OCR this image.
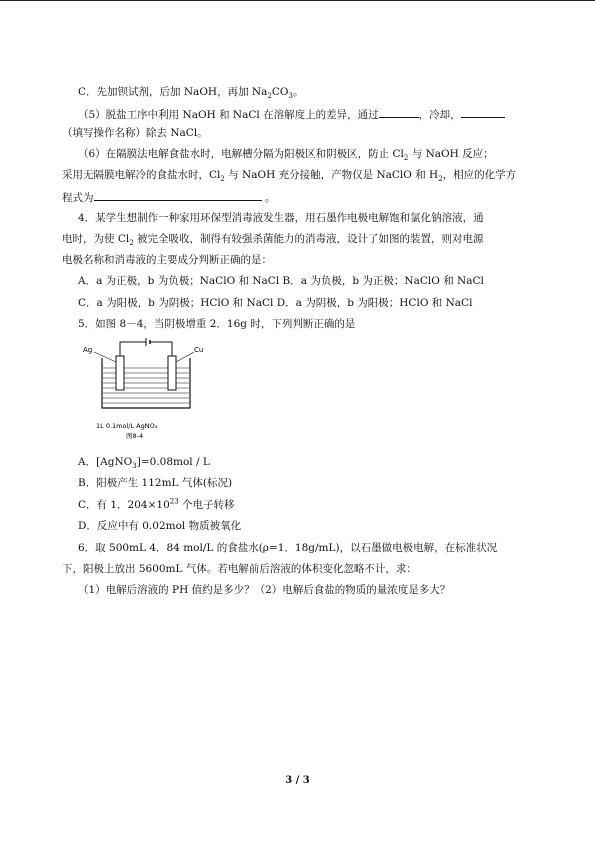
C．先加钡试剂，后加 NaOH，再加 $Na_2CO_3$。
（5）脱盐工序中利用 NaOH 和 NaCl 在溶解度上的差异，通过	，冷却，
（填写操作名称）除去 NaCl。
（6）在隔膜法电解食盐水时，电解槽分隔为阳极区和阴极区，防止 $Cl_2$ 与 NaOH 反应；
采用无隔膜电解冷的食盐水时，$Cl_2$ 与 NaOH 充分接触，产物仅是 NaClO 和 $H_2$，相应的化学方
程式为	。
4．某学生想制作一种家用环保型消毒液发生器，用石墨作电极电解饱和氯化钠溶液，通
电时，为使 $Cl_2$ 被完全吸收，制得有较强杀菌能力的消毒液，设计了如图的装置，则对电源
电极名称和消毒液的主要成分判断正确的是：
A．a 为正极，b 为负极；NaClO 和 NaCl B．a 为负极，b 为正极；NaClO 和 NaCl
C．a 为阳极，b 为阴极；HClO 和 NaCl D．a 为阴极，b 为阳极；HClO 和 NaCl
5．如图 8－4，当阴极增重 2．16g 时，下列判断正确的是
Ag	Cu
1L 0.1mol/L AgNO₃
图8-4
A．[AgNO$_3$]=0.08mol / L
B．阳极产生 112mL 气体(标况)
C．有 1．$204\times 10^{23}$ 个电子转移
D．反应中有 0.02mol 物质被氧化
6．取 500mL 4．84 mol/L 的食盐水(ρ=1．18g/mL)，以石墨做电极电解，在标准状况
下，阳极上放出 5600mL 气体。若电解前后溶液的体积变化忽略不计，求：
（1）电解后溶液的 PH 值约是多少？（2）电解后食盐的物质的量浓度是多大？
3 / 3
